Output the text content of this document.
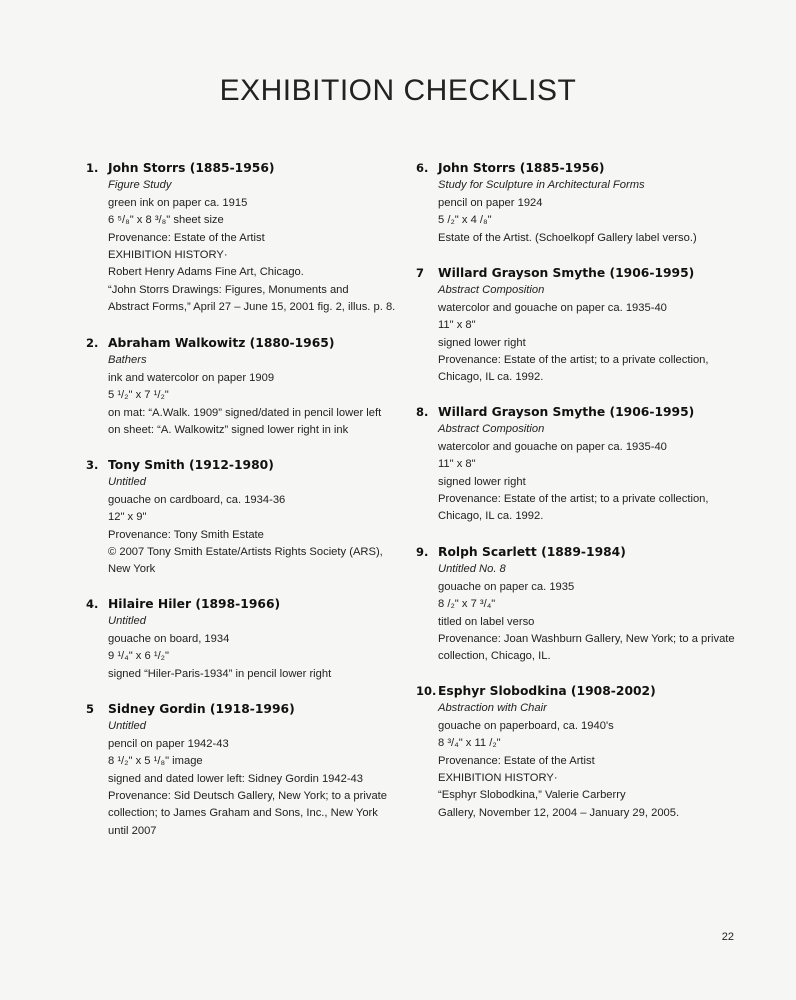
EXHIBITION CHECKLIST
1. John Storrs (1885-1956)
Figure Study
green ink on paper ca. 1915
6 ⁵/₈" x 8 ³/₈" sheet size
Provenance: Estate of the Artist
EXHIBITION HISTORY·
Robert Henry Adams Fine Art, Chicago.
“John Storrs Drawings: Figures, Monuments and
Abstract Forms,” April 27 – June 15, 2001 fig. 2, illus. p. 8.
2. Abraham Walkowitz (1880-1965)
Bathers
ink and watercolor on paper 1909
5 ¹/₂" x 7 ¹/₂"
on mat: “A.Walk. 1909” signed/dated in pencil lower left
on sheet: “A. Walkowitz” signed lower right in ink
3. Tony Smith (1912-1980)
Untitled
gouache on cardboard, ca. 1934-36
12" x 9"
Provenance: Tony Smith Estate
© 2007 Tony Smith Estate/Artists Rights Society (ARS),
New York
4. Hilaire Hiler (1898-1966)
Untitled
gouache on board, 1934
9 ¹/₄" x 6 ¹/₂"
signed “Hiler-Paris-1934” in pencil lower right
5 Sidney Gordin (1918-1996)
Untitled
pencil on paper 1942-43
8 ¹/₂" x 5 ¹/₈" image
signed and dated lower left: Sidney Gordin 1942-43
Provenance: Sid Deutsch Gallery, New York; to a private
collection; to James Graham and Sons, Inc., New York
until 2007
6. John Storrs (1885-1956)
Study for Sculpture in Architectural Forms
pencil on paper 1924
5 /₂" x 4 /₈"
Estate of the Artist. (Schoelkopf Gallery label verso.)
7 Willard Grayson Smythe (1906-1995)
Abstract Composition
watercolor and gouache on paper ca. 1935-40
11" x 8"
signed lower right
Provenance: Estate of the artist; to a private collection,
Chicago, IL ca. 1992.
8. Willard Grayson Smythe (1906-1995)
Abstract Composition
watercolor and gouache on paper ca. 1935-40
11" x 8"
signed lower right
Provenance: Estate of the artist; to a private collection,
Chicago, IL ca. 1992.
9. Rolph Scarlett (1889-1984)
Untitled No. 8
gouache on paper ca. 1935
8 /₂" x 7 ³/₄"
titled on label verso
Provenance: Joan Washburn Gallery, New York; to a private
collection, Chicago, IL.
10. Esphyr Slobodkina (1908-2002)
Abstraction with Chair
gouache on paperboard, ca. 1940's
8 ³/₄" x 11 /₂"
Provenance: Estate of the Artist
EXHIBITION HISTORY·
“Esphyr Slobodkina,” Valerie Carberry
Gallery, November 12, 2004 – January 29, 2005.
22
